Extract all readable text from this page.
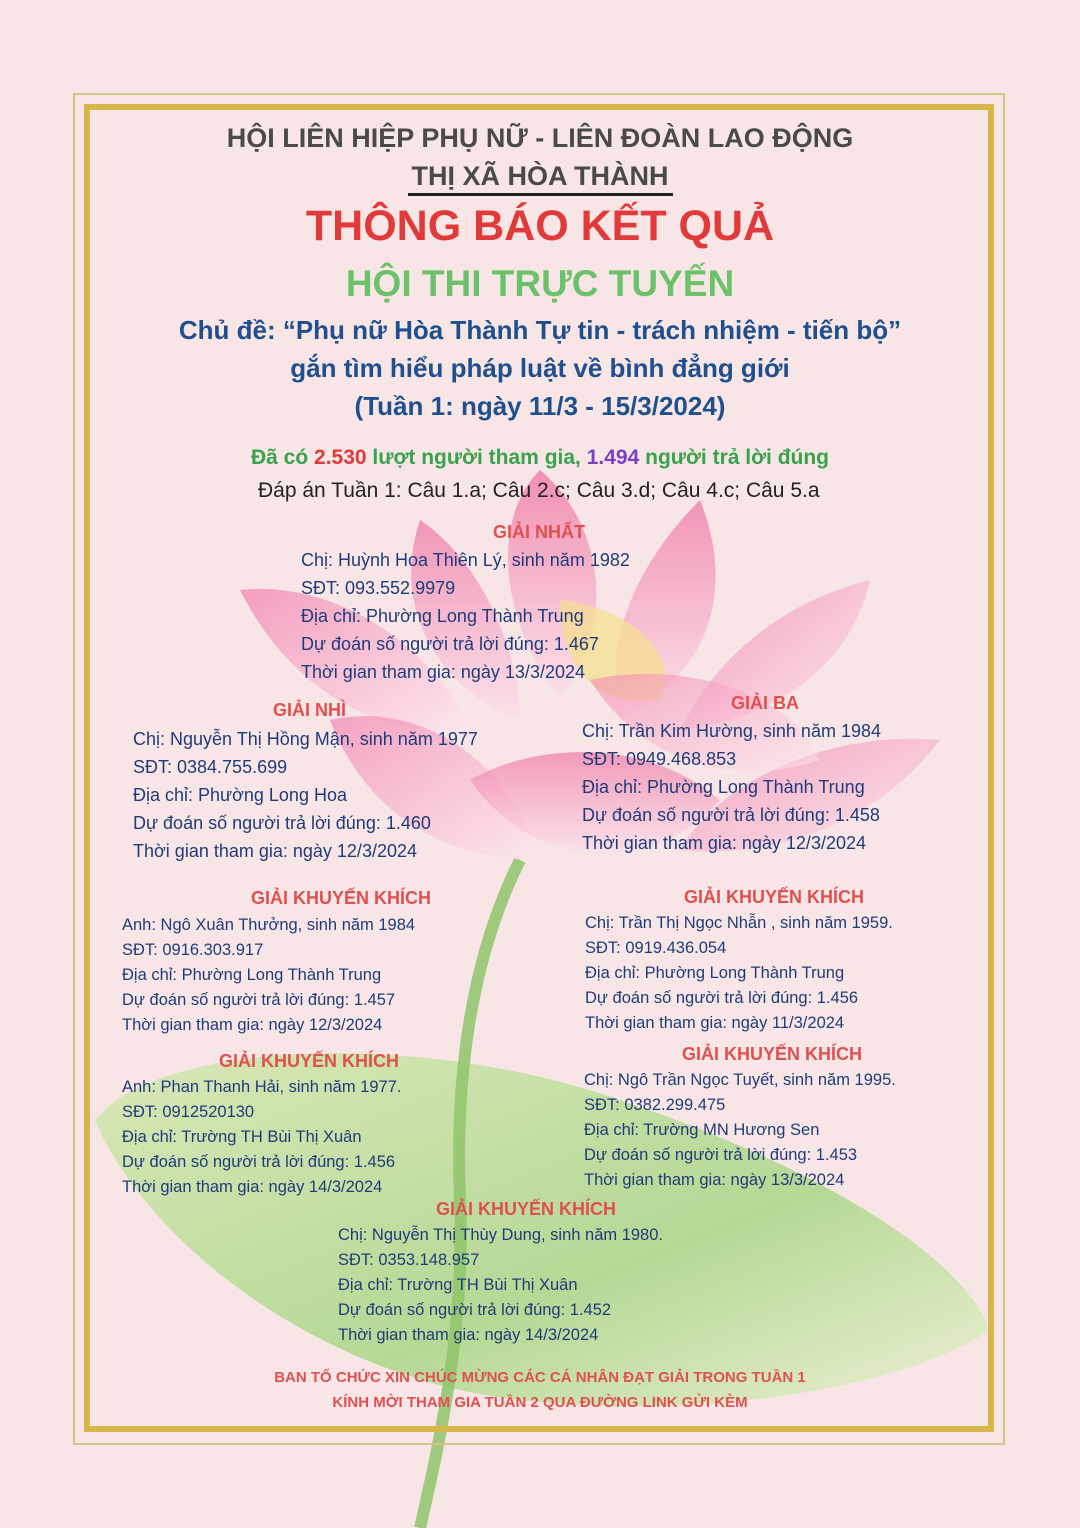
HỘI LIÊN HIỆP PHỤ NỮ - LIÊN ĐOÀN LAO ĐỘNG
THỊ XÃ HÒA THÀNH
THÔNG BÁO KẾT QUẢ
HỘI THI TRỰC TUYẾN
Chủ đề: “Phụ nữ Hòa Thành Tự tin - trách nhiệm - tiến bộ”
gắn tìm hiểu pháp luật về bình đẳng giới
(Tuần 1: ngày 11/3 - 15/3/2024)
Đã có 2.530 lượt người tham gia, 1.494 người trả lời đúng
Đáp án Tuần 1: Câu 1.a; Câu 2.c; Câu 3.d; Câu 4.c; Câu 5.a
GIẢI NHẤT
Chị: Huỳnh Hoa Thiên Lý, sinh năm 1982
SĐT: 093.552.9979
Địa chỉ: Phường Long Thành Trung
Dự đoán số người trả lời đúng: 1.467
Thời gian tham gia: ngày 13/3/2024
GIẢI NHÌ
Chị: Nguyễn Thị Hồng Mận, sinh năm 1977
SĐT: 0384.755.699
Địa chỉ: Phường Long Hoa
Dự đoán số người trả lời đúng: 1.460
Thời gian tham gia: ngày 12/3/2024
GIẢI BA
Chị: Trần Kim Hường, sinh năm 1984
SĐT: 0949.468.853
Địa chỉ: Phường Long Thành Trung
Dự đoán số người trả lời đúng: 1.458
Thời gian tham gia: ngày 12/3/2024
GIẢI KHUYẾN KHÍCH
Anh: Ngô Xuân Thưởng, sinh năm 1984
SĐT: 0916.303.917
Địa chỉ: Phường Long Thành Trung
Dự đoán số người trả lời đúng: 1.457
Thời gian tham gia: ngày 12/3/2024
GIẢI KHUYẾN KHÍCH
Chị: Trần Thị Ngọc Nhẫn , sinh năm 1959.
SĐT: 0919.436.054
Địa chỉ: Phường Long Thành Trung
Dự đoán số người trả lời đúng: 1.456
Thời gian tham gia: ngày 11/3/2024
GIẢI KHUYẾN KHÍCH
Anh: Phan Thanh Hải, sinh năm 1977.
SĐT: 0912520130
Địa chỉ: Trường TH Bùi Thị Xuân
Dự đoán số người trả lời đúng: 1.456
Thời gian tham gia: ngày 14/3/2024
GIẢI KHUYẾN KHÍCH
Chị: Ngô Trần Ngọc Tuyết, sinh năm 1995.
SĐT: 0382.299.475
Địa chỉ: Trường MN Hương Sen
Dự đoán số người trả lời đúng: 1.453
Thời gian tham gia: ngày 13/3/2024
GIẢI KHUYẾN KHÍCH
Chị: Nguyễn Thị Thùy Dung, sinh năm 1980.
SĐT: 0353.148.957
Địa chỉ: Trường TH Bùi Thị Xuân
Dự đoán số người trả lời đúng: 1.452
Thời gian tham gia: ngày 14/3/2024
BAN TỔ CHỨC XIN CHÚC MỪNG CÁC CÁ NHÂN ĐẠT GIẢI TRONG TUẦN 1
KÍNH MỜI THAM GIA TUẦN 2 QUA ĐƯỜNG LINK GỬI KÈM
